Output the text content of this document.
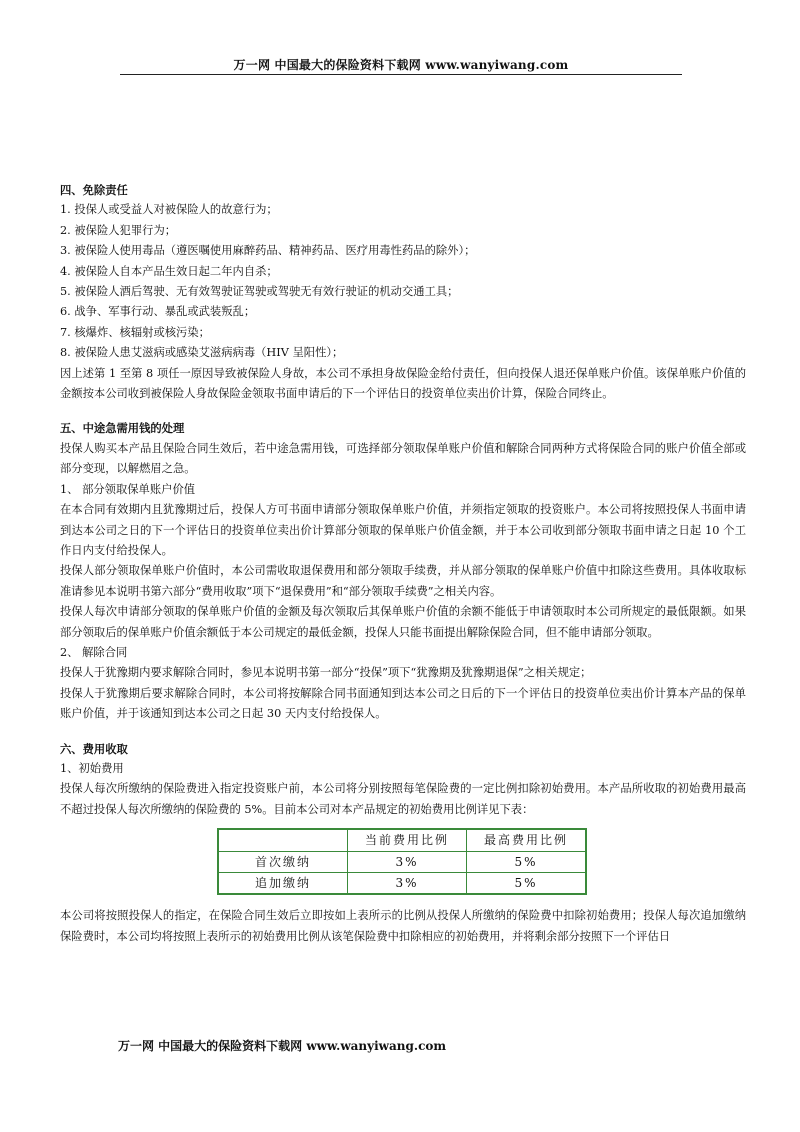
万一网 中国最大的保险资料下载网 www.wanyiwang.com

四、免除责任

1. 投保人或受益人对被保险人的故意行为；

2. 被保险人犯罪行为；

3. 被保险人使用毒品（遵医嘱使用麻醉药品、精神药品、医疗用毒性药品的除外）；

4. 被保险人自本产品生效日起二年内自杀；

5. 被保险人酒后驾驶、无有效驾驶证驾驶或驾驶无有效行驶证的机动交通工具；

6. 战争、军事行动、暴乱或武装叛乱；

7. 核爆炸、核辐射或核污染；

8. 被保险人患艾滋病或感染艾滋病病毒（HIV 呈阳性）；

因上述第 1 至第 8 项任一原因导致被保险人身故，本公司不承担身故保险金给付责任，但向投保人退还保单账户价值。该保单账户价值的金额按本公司收到被保险人身故保险金领取书面申请后的下一个评估日的投资单位卖出价计算，保险合同终止。

五、中途急需用钱的处理

投保人购买本产品且保险合同生效后，若中途急需用钱，可选择部分领取保单账户价值和解除合同两种方式将保险合同的账户价值全部或部分变现，以解燃眉之急。

1、 部分领取保单账户价值

在本合同有效期内且犹豫期过后，投保人方可书面申请部分领取保单账户价值，并须指定领取的投资账户。本公司将按照投保人书面申请到达本公司之日的下一个评估日的投资单位卖出价计算部分领取的保单账户价值金额，并于本公司收到部分领取书面申请之日起 10 个工作日内支付给投保人。

投保人部分领取保单账户价值时，本公司需收取退保费用和部分领取手续费，并从部分领取的保单账户价值中扣除这些费用。具体收取标准请参见本说明书第六部分“费用收取”项下“退保费用”和“部分领取手续费”之相关内容。

投保人每次申请部分领取的保单账户价值的金额及每次领取后其保单账户价值的余额不能低于申请领取时本公司所规定的最低限额。如果部分领取后的保单账户价值余额低于本公司规定的最低金额，投保人只能书面提出解除保险合同，但不能申请部分领取。

2、 解除合同

投保人于犹豫期内要求解除合同时，参见本说明书第一部分“投保”项下“犹豫期及犹豫期退保”之相关规定；

投保人于犹豫期后要求解除合同时，本公司将按解除合同书面通知到达本公司之日后的下一个评估日的投资单位卖出价计算本产品的保单账户价值，并于该通知到达本公司之日起 30 天内支付给投保人。

六、费用收取

1、初始费用

投保人每次所缴纳的保险费进入指定投资账户前，本公司将分别按照每笔保险费的一定比例扣除初始费用。本产品所收取的初始费用最高不超过投保人每次所缴纳的保险费的 5%。目前本公司对本产品规定的初始费用比例详见下表：

	当前费用比例	最高费用比例
首次缴纳	3%	5%
追加缴纳	3%	5%

本公司将按照投保人的指定，在保险合同生效后立即按如上表所示的比例从投保人所缴纳的保险费中扣除初始费用；投保人每次追加缴纳保险费时，本公司均将按照上表所示的初始费用比例从该笔保险费中扣除相应的初始费用，并将剩余部分按照下一个评估日

万一网 中国最大的保险资料下载网 www.wanyiwang.com
